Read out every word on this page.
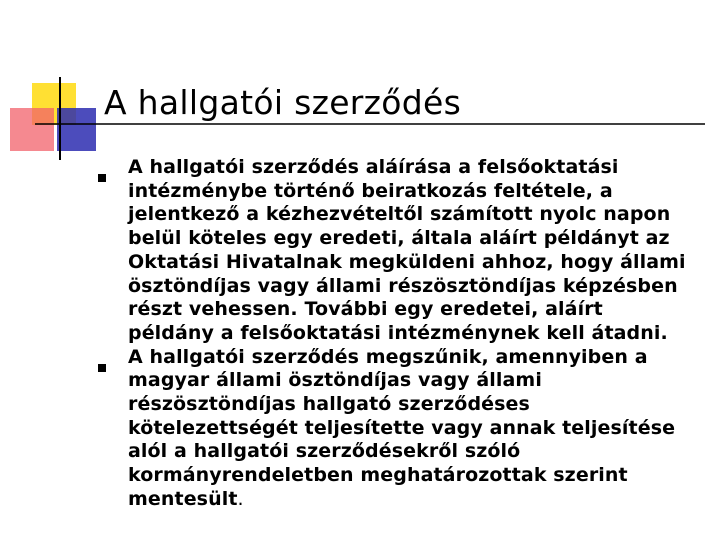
A hallgatói szerződés
A hallgatói szerződés aláírása a felsőoktatási intézménybe történő beiratkozás feltétele, a jelentkező a kézhezvételtől számított nyolc napon belül köteles egy eredeti, általa aláírt példányt az Oktatási Hivatalnak megküldeni ahhoz, hogy állami ösztöndíjas vagy állami részösztöndíjas képzésben részt vehessen. További egy eredetei, aláírt példány a felsőoktatási intézménynek kell átadni.
A hallgatói szerződés megszűnik, amennyiben a magyar állami ösztöndíjas vagy állami részösztöndíjas hallgató szerződéses kötelezettségét teljesítette vagy annak teljesítése alól a hallgatói szerződésekről szóló kormányrendeletben meghatározottak szerint mentesült.
